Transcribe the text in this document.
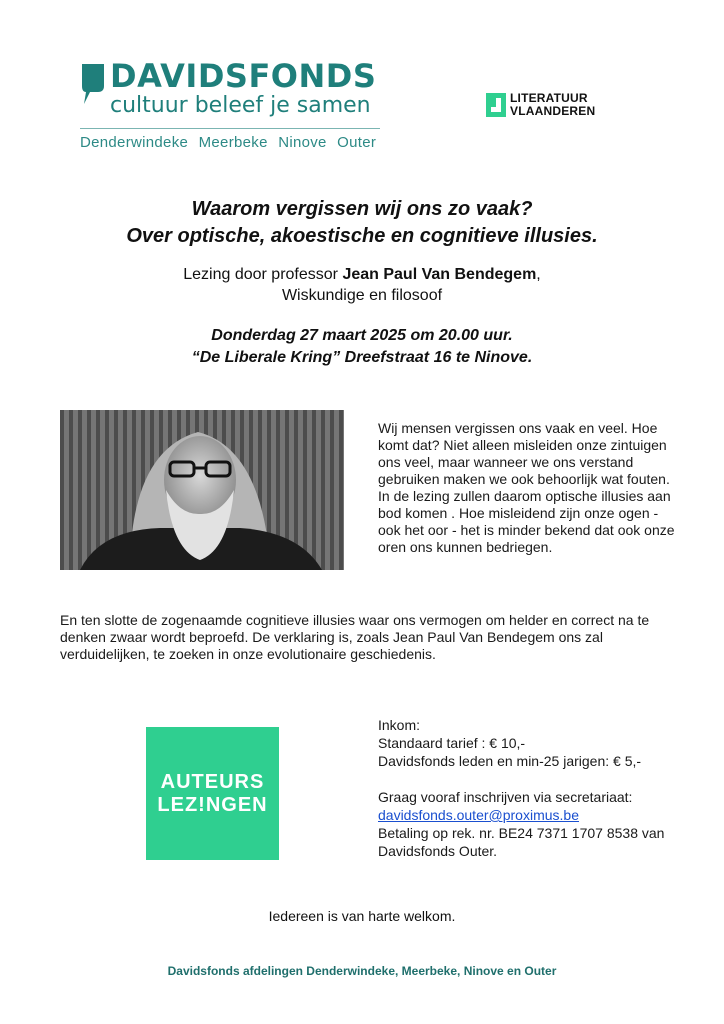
DAVIDSFONDS
cultuur beleef je samen
Denderwindeke Meerbeke Ninove Outer
LITERATUUR
VLAANDEREN
Waarom vergissen wij ons zo vaak?
Over optische, akoestische en cognitieve illusies.
Lezing door professor Jean Paul Van Bendegem,
Wiskundige en filosoof
Donderdag 27 maart 2025 om 20.00 uur.
“De Liberale Kring” Dreefstraat 16 te Ninove.
Wij mensen vergissen ons vaak en veel. Hoe komt dat? Niet alleen misleiden onze zintuigen ons veel, maar wanneer we ons verstand gebruiken maken we ook behoorlijk wat fouten.
In de lezing zullen daarom optische illusies aan bod komen . Hoe misleidend zijn onze ogen - ook het oor - het is minder bekend dat ook onze oren ons kunnen bedriegen.
En ten slotte de zogenaamde cognitieve illusies waar ons vermogen om helder en correct na te denken zwaar wordt beproefd. De verklaring is, zoals Jean Paul Van Bendegem ons zal verduidelijken, te zoeken in onze evolutionaire geschiedenis.
AUTEURS
LEZ!NGEN
Inkom:
Standaard tarief : € 10,-
Davidsfonds leden en min-25 jarigen: € 5,-
Graag vooraf inschrijven via secretariaat:
davidsfonds.outer@proximus.be
Betaling op rek. nr. BE24 7371 1707 8538 van Davidsfonds Outer.
Iedereen is van harte welkom.
Davidsfonds afdelingen Denderwindeke, Meerbeke, Ninove en Outer
